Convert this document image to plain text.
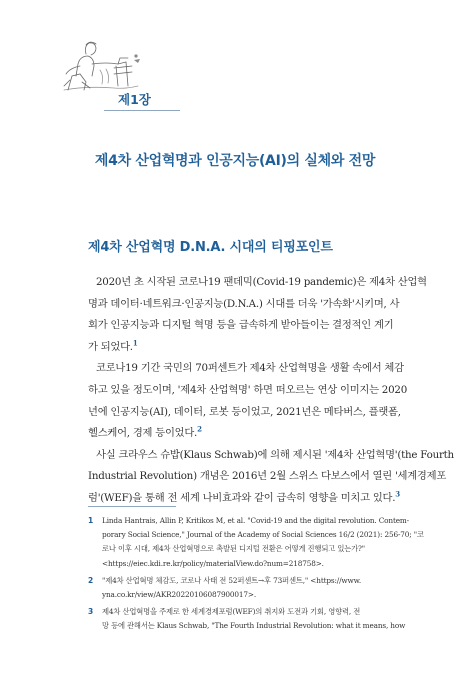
제1장
제4차 산업혁명과 인공지능(AI)의 실체와 전망
제4차 산업혁명 D.N.A. 시대의 티핑포인트
2020년 초 시작된 코로나19 팬데믹(Covid-19 pandemic)은 제4차 산업혁
명과 데이터·네트워크·인공지능(D.N.A.) 시대를 더욱 '가속화'시키며, 사
회가 인공지능과 디지털 혁명 등을 급속하게 받아들이는 결정적인 계기
가 되었다.$^1$
코로나19 기간 국민의 70퍼센트가 제4차 산업혁명을 생활 속에서 체감
하고 있을 정도이며, '제4차 산업혁명' 하면 떠오르는 연상 이미지는 2020
년에 인공지능(AI), 데이터, 로봇 등이었고, 2021년은 메타버스, 플랫폼,
헬스케어, 경제 등이었다.$^2$
사실 크라우스 슈밥(Klaus Schwab)에 의해 제시된 '제4차 산업혁명'(the Fourth
Industrial Revolution) 개념은 2016년 2월 스위스 다보스에서 열린 '세계경제포
럼'(WEF)을 통해 전 세계 나비효과와 같이 급속히 영향을 미치고 있다.$^3$
1 Linda Hantrais, Allin P, Kritikos M, et al. "Covid-19 and the digital revolution. Contem-
porary Social Science," Journal of the Academy of Social Sciences 16/2 (2021): 256-70; "코
로나 이후 시대, 제4차 산업혁명으로 촉발된 디지털 전환은 어떻게 진행되고 있는가?"
<https://eiec.kdi.re.kr/policy/materialView.do?num=218758>.
2 "제4차 산업혁명 체감도, 코로나 사태 전 52퍼센트→후 73퍼센트," <https://www.
yna.co.kr/view/AKR20220106087900017>.
3 제4차 산업혁명을 주제로 한 세계경제포럼(WEF)의 취지와 도전과 기회, 영향력, 전
망 등에 관해서는 Klaus Schwab, "The Fourth Industrial Revolution: what it means, how
